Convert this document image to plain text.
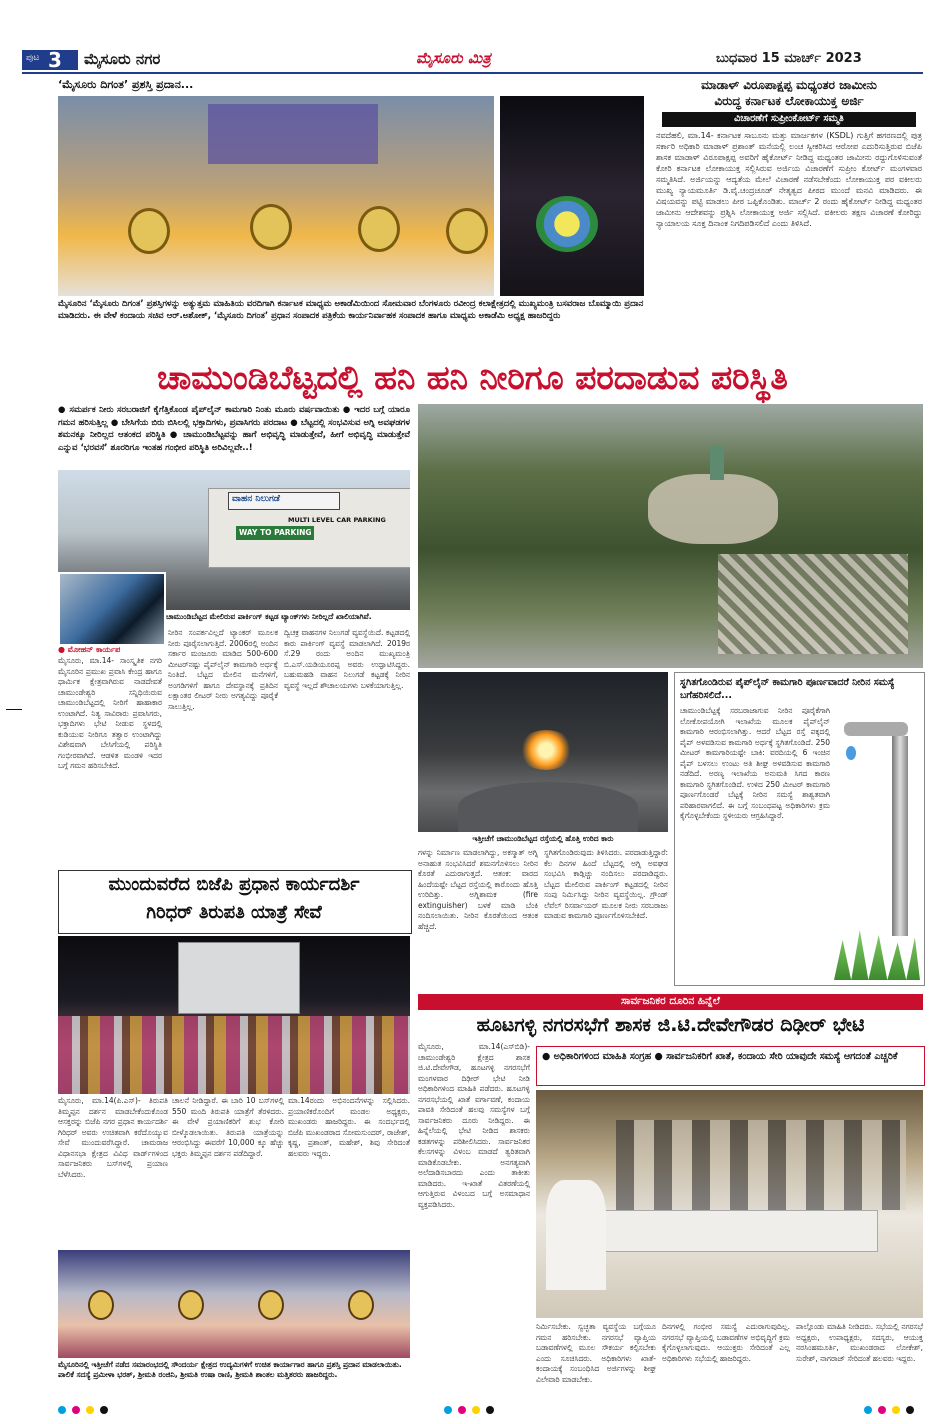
ಪುಟ 3 ಮೈಸೂರು ನಗರ	ಮೈಸೂರು ಮಿತ್ರ	ಬುಧವಾರ 15 ಮಾರ್ಚ್ 2023
‘ಮೈಸೂರು ದಿಗಂತ’ ಪ್ರಶಸ್ತಿ ಪ್ರದಾನ...
ಮೈಸೂರಿನ ‘ಮೈಸೂರು ದಿಗಂತ’ ಪ್ರಶಸ್ತಿಗಳನ್ನು ಅತ್ಯುತ್ತಮ ಮಾಹಿತಿಯ ವರದಿಗಾಗಿ ಕರ್ನಾಟಕ ಮಾಧ್ಯಮ ಅಕಾಡೆಮಿಯಿಂದ ಸೋಮವಾರ ಬೆಂಗಳೂರು ರವೀಂದ್ರ ಕಲಾಕ್ಷೇತ್ರದಲ್ಲಿ ಮುಖ್ಯಮಂತ್ರಿ ಬಸವರಾಜ ಬೊಮ್ಮಾಯಿ ಪ್ರದಾನ ಮಾಡಿದರು. ಈ ವೇಳೆ ಕಂದಾಯ ಸಚಿವ ಆರ್.ಅಶೋಕ್, ‘ಮೈಸೂರು ದಿಗಂತ’ ಪ್ರಧಾನ ಸಂಪಾದಕ ಪತ್ರಿಕೆಯ ಕಾರ್ಯನಿರ್ವಾಹಕ ಸಂಪಾದಕ ಹಾಗೂ ಮಾಧ್ಯಮ ಅಕಾಡೆಮಿ ಅಧ್ಯಕ್ಷ ಹಾಜರಿದ್ದರು
ಮಾಡಾಳ್ ವಿರೂಪಾಕ್ಷಪ್ಪ ಮಧ್ಯಂತರ ಜಾಮೀನು
ವಿರುದ್ಧ ಕರ್ನಾಟಕ ಲೋಕಾಯುಕ್ತ ಅರ್ಜಿ
ವಿಚಾರಣೆಗೆ ಸುಪ್ರೀಂಕೋರ್ಟ್ ಸಮ್ಮತಿ
ನವದೆಹಲಿ, ಮಾ.14- ಕರ್ನಾಟಕ ಸಾಬೂನು ಮತ್ತು ಮಾರ್ಜಕಗಳ (KSDL) ಗುತ್ತಿಗೆ ಹಗರಣದಲ್ಲಿ ಪುತ್ರ ಸರ್ಕಾರಿ ಅಧಿಕಾರಿ ಮಾಡಾಳ್ ಪ್ರಶಾಂತ್ ಮನೆಯಲ್ಲಿ ಲಂಚ ಸ್ವೀಕರಿಸಿದ ಆರೋಪ ಎದುರಿಸುತ್ತಿರುವ ಬಿಜೆಪಿ ಶಾಸಕ ಮಾಡಾಳ್ ವಿರೂಪಾಕ್ಷಪ್ಪ ಅವರಿಗೆ ಹೈಕೋರ್ಟ್ ನೀಡಿದ್ದ ಮಧ್ಯಂತರ ಜಾಮೀನು ರದ್ದುಗೊಳಿಸುವಂತೆ ಕೋರಿ ಕರ್ನಾಟಕ ಲೋಕಾಯುಕ್ತ ಸಲ್ಲಿಸಿರುವ ಅರ್ಜಿಯ ವಿಚಾರಣೆಗೆ ಸುಪ್ರೀಂ ಕೋರ್ಟ್ ಮಂಗಳವಾರ ಸಮ್ಮತಿಸಿದೆ. ಅರ್ಜಿಯನ್ನು ಆದ್ಯತೆಯ ಮೇಲೆ ವಿಚಾರಣೆ ನಡೆಸಬೇಕೆಂದು ಲೋಕಾಯುಕ್ತ ಪರ ವಕೀಲರು ಮುಖ್ಯ ನ್ಯಾಯಮೂರ್ತಿ ಡಿ.ವೈ.ಚಂದ್ರಚೂಡ್ ನೇತೃತ್ವದ ಪೀಠದ ಮುಂದೆ ಮನವಿ ಮಾಡಿದರು. ಈ ವಿಷಯವನ್ನು ಪಟ್ಟಿ ಮಾಡಲು ಪೀಠ ಒಪ್ಪಿಕೊಂಡಿತು. ಮಾರ್ಚ್ 2 ರಂದು ಹೈಕೋರ್ಟ್ ನೀಡಿದ್ದ ಮಧ್ಯಂತರ ಜಾಮೀನು ಆದೇಶವನ್ನು ಪ್ರಶ್ನಿಸಿ ಲೋಕಾಯುಕ್ತ ಅರ್ಜಿ ಸಲ್ಲಿಸಿದೆ. ವಕೀಲರು ತಕ್ಷಣ ವಿಚಾರಣೆ ಕೋರಿದ್ದು ನ್ಯಾಯಾಲಯ ಸೂಕ್ತ ದಿನಾಂಕ ನಿಗದಿಪಡಿಸಲಿದೆ ಎಂದು ತಿಳಿಸಿದೆ.
ಚಾಮುಂಡಿಬೆಟ್ಟದಲ್ಲಿ ಹನಿ ಹನಿ ನೀರಿಗೂ ಪರದಾಡುವ ಪರಿಸ್ಥಿತಿ
● ಸಮರ್ಪಕ ನೀರು ಸರಬರಾಜಿಗೆ ಕೈಗೆತ್ತಿಕೊಂಡ ಪೈಪ್‌ಲೈನ್ ಕಾಮಗಾರಿ ನಿಂತು ಮೂರು ವರ್ಷವಾಯಿತು ● ಇದರ ಬಗ್ಗೆ ಯಾರೂ ಗಮನ ಹರಿಸುತ್ತಿಲ್ಲ ● ಬೇಸಿಗೆಯ ಬಿರು ಬಿಸಿಲಲ್ಲಿ ಭಕ್ತಾದಿಗಳು, ಪ್ರವಾಸಿಗರು ಪರದಾಟ ● ಬೆಟ್ಟದಲ್ಲಿ ಸಂಭವಿಸುವ ಅಗ್ನಿ ಅವಘಡಗಳ ಶಮನಕ್ಕೂ ನೀರಿಲ್ಲದ ಆತಂಕದ ಪರಿಸ್ಥಿತಿ ● ಚಾಮುಂಡಿಬೆಟ್ಟವನ್ನು ಹಾಗೆ ಅಭಿವೃದ್ಧಿ ಮಾಡುತ್ತೇವೆ, ಹೀಗೆ ಅಭಿವೃದ್ಧಿ ಮಾಡುತ್ತೇವೆ ಎನ್ನುವ ‘ಭರವಸೆ’ ಶೂರರಿಗೂ ಇಂತಹ ಗಂಭೀರ ಪರಿಸ್ಥಿತಿ ಅರಿವಿಲ್ಲವೇ..!
ವಾಹನ ನಿಲುಗಡೆ
MULTI LEVEL CAR PARKING
WAY TO PARKING
ಚಾಮುಂಡಿಬೆಟ್ಟದ ಮೇಲಿರುವ ಪಾರ್ಕಿಂಗ್ ಕಟ್ಟಡ ಟ್ಯಾಂಕ್‌ಗಳು ನೀರಿಲ್ಲದೆ ಖಾಲಿಯಾಗಿವೆ.
● ಮೋಹನ್ ಕಾರ್ಯಪ
ಮೈಸೂರು, ಮಾ.14- ಸಾಂಸ್ಕೃತಿಕ ನಗರಿ ಮೈಸೂರಿನ ಪ್ರಮುಖ ಪ್ರವಾಸಿ ಕೇಂದ್ರ ಹಾಗೂ ಧಾರ್ಮಿಕ ಕ್ಷೇತ್ರವಾಗಿರುವ ನಾಡದೇವತೆ ಚಾಮುಂಡೇಶ್ವರಿ ಸನ್ನಿಧಿಯಿರುವ ಚಾಮುಂಡಿಬೆಟ್ಟದಲ್ಲಿ ನೀರಿಗೆ ಹಾಹಾಕಾರ ಉಂಟಾಗಿದೆ. ನಿತ್ಯ ಸಾವಿರಾರು ಪ್ರವಾಸಿಗರು, ಭಕ್ತಾದಿಗಳು ಭೇಟಿ ನೀಡುವ ಸ್ಥಳದಲ್ಲಿ ಕುಡಿಯುವ ನೀರಿಗೂ ತತ್ವಾರ ಉಂಟಾಗಿದ್ದು ವಿಶೇಷವಾಗಿ ಬೇಸಿಗೆಯಲ್ಲಿ ಪರಿಸ್ಥಿತಿ ಗಂಭೀರವಾಗಿದೆ. ಆಡಳಿತ ಮಂಡಳಿ ಇದರ ಬಗ್ಗೆ ಗಮನ ಹರಿಸಬೇಕಿದೆ.
ನೀರಿನ ಸಂಪರ್ಕವಿಲ್ಲದೆ ಟ್ಯಾಂಕರ್ ಮೂಲಕ ನೀರು ಪೂರೈಸಲಾಗುತ್ತಿದೆ. 2006ರಲ್ಲಿ ಅಂದಿನ ಸರ್ಕಾರ ಮಂಜೂರು ಮಾಡಿದ 500-600 ಮೀಟರ್‌ನಷ್ಟು ಪೈಪ್‌ಲೈನ್ ಕಾಮಗಾರಿ ಅರ್ಧಕ್ಕೆ ನಿಂತಿದೆ. ಬೆಟ್ಟದ ಮೇಲಿನ ಮನೆಗಳಿಗೆ, ಅಂಗಡಿಗಳಿಗೆ ಹಾಗೂ ದೇವಸ್ಥಾನಕ್ಕೆ ಪ್ರತಿದಿನ ಲಕ್ಷಾಂತರ ಲೀಟರ್ ನೀರು ಅಗತ್ಯವಿದ್ದು ಪೂರೈಕೆ ಸಾಲುತ್ತಿಲ್ಲ.
ದ್ವಿಚಕ್ರ ವಾಹನಗಳ ನಿಲುಗಡೆ ವ್ಯವಸ್ಥೆಯಿದೆ. ಕಟ್ಟಡದಲ್ಲಿ ಕಾರು ಪಾರ್ಕಿಂಗ್ ವ್ಯವಸ್ಥೆ ಮಾಡಲಾಗಿದೆ. 2019ರ ಸೆ.29 ರಂದು ಅಂದಿನ ಮುಖ್ಯಮಂತ್ರಿ ಬಿ.ಎಸ್.ಯಡಿಯೂರಪ್ಪ ಅವರು ಉದ್ಘಾಟಿಸಿದ್ದರು. ಬಹುಮಹಡಿ ವಾಹನ ನಿಲುಗಡೆ ಕಟ್ಟಡಕ್ಕೆ ನೀರಿನ ವ್ಯವಸ್ಥೆ ಇಲ್ಲದೆ ಶೌಚಾಲಯಗಳು ಬಳಕೆಯಾಗುತ್ತಿಲ್ಲ.
ಇತ್ತೀಚೆಗೆ ಚಾಮುಂಡಿಬೆಟ್ಟದ ರಸ್ತೆಯಲ್ಲಿ ಹೊತ್ತಿ ಉರಿದ ಕಾರು
ಗಳನ್ನು ನಿರ್ಮಾಣ ಮಾಡಲಾಗಿದ್ದು, ಅಕಸ್ಮಾತ್ ಅಗ್ನಿ ಅನಾಹುತ ಸಂಭವಿಸಿದರೆ ಶಮನಗೊಳಿಸಲು ನೀರಿನ ಕೊರತೆ ಎದುರಾಗುತ್ತದೆ. ಆತಂಕ: ವಾರದ ಹಿಂದೆಯಷ್ಟೇ ಬೆಟ್ಟದ ರಸ್ತೆಯಲ್ಲಿ ಕಾರೊಂದು ಹೊತ್ತಿ ಉರಿದಿತ್ತು. ಅಗ್ನಿಶಾಮಕ (fire extinguisher) ಬಳಕೆ ಮಾಡಿ ಬೆಂಕಿ ನಂದಿಸಲಾಯಿತು. ನೀರಿನ ಕೊರತೆಯಿಂದ ಆತಂಕ ಹೆಚ್ಚಿದೆ.
ಸ್ಥಗಿತಗೊಂಡಿರುವುದು ತಿಳಿಸಿದರು. ಪರದಾಡುತ್ತಿದ್ದಾರೆ: ಕೆಲ ದಿನಗಳ ಹಿಂದೆ ಬೆಟ್ಟದಲ್ಲಿ ಅಗ್ನಿ ಅವಘಡ ಸಂಭವಿಸಿ ಕಾಡ್ಗಿಚ್ಚು ನಂದಿಸಲು ಪರದಾಡಿದ್ದರು. ಬೆಟ್ಟದ ಮೇಲಿರುವ ಪಾರ್ಕಿಂಗ್ ಕಟ್ಟಡದಲ್ಲಿ ನೀರಿನ ಸಂಪು ನಿರ್ಮಿಸಿದ್ದು ನೀರಿನ ವ್ಯವಸ್ಥೆಯಿಲ್ಲ. ಗ್ರೌಂಡ್ ಲೆವೆಲ್ ರಿಸರ್ವಾಯರ್ ಮೂಲಕ ನೀರು ಸರಬರಾಜು ಮಾಡುವ ಕಾಮಗಾರಿ ಪೂರ್ಣಗೊಳಿಸಬೇಕಿದೆ.
ಸ್ಥಗಿತಗೊಂಡಿರುವ ಪೈಪ್‌ಲೈನ್ ಕಾಮಗಾರಿ ಪೂರ್ಣವಾದರೆ ನೀರಿನ ಸಮಸ್ಯೆ ಬಗೆಹರಿಸಲಿದೆ...
ಚಾಮುಂಡಿಬೆಟ್ಟಕ್ಕೆ ಸರಬರಾಜಾಗುವ ನೀರಿನ ಪೂರೈಕೆಗಾಗಿ ಲೋಕೋಪಯೋಗಿ ಇಲಾಖೆಯ ಮೂಲಕ ಪೈಪ್‌ಲೈನ್ ಕಾಮಗಾರಿ ಆರಂಭಿಸಲಾಗಿತ್ತು. ಆದರೆ ಬೆಟ್ಟದ ರಸ್ತೆ ಪಕ್ಕದಲ್ಲಿ ಪೈಪ್ ಅಳವಡಿಸುವ ಕಾಮಗಾರಿ ಅರ್ಧಕ್ಕೆ ಸ್ಥಗಿತಗೊಂಡಿದೆ. 250 ಮೀಟರ್ ಕಾಮಗಾರಿಯಷ್ಟೇ ಬಾಕಿ: ವರದಿಯಲ್ಲಿ 6 ಇಂಚಿನ ಪೈಪ್ ಬಳಸಲು ಉಂಟು ಅತಿ ಶೀಘ್ರ ಅಳವಡಿಸುವ ಕಾಮಗಾರಿ ನಡೆದಿದೆ. ಅರಣ್ಯ ಇಲಾಖೆಯ ಅನುಮತಿ ಸಿಗದ ಕಾರಣ ಕಾಮಗಾರಿ ಸ್ಥಗಿತಗೊಂಡಿದೆ. ಉಳಿದ 250 ಮೀಟರ್ ಕಾಮಗಾರಿ ಪೂರ್ಣಗೊಂಡರೆ ಬೆಟ್ಟಕ್ಕೆ ನೀರಿನ ಸಮಸ್ಯೆ ಶಾಶ್ವತವಾಗಿ ಪರಿಹಾರವಾಗಲಿದೆ. ಈ ಬಗ್ಗೆ ಸಂಬಂಧಪಟ್ಟ ಅಧಿಕಾರಿಗಳು ಕ್ರಮ ಕೈಗೊಳ್ಳಬೇಕೆಂದು ಸ್ಥಳೀಯರು ಆಗ್ರಹಿಸಿದ್ದಾರೆ.
ಮುಂದುವರೆದ ಬಿಜೆಪಿ ಪ್ರಧಾನ ಕಾರ್ಯದರ್ಶಿ
ಗಿರಿಧರ್ ತಿರುಪತಿ ಯಾತ್ರೆ ಸೇವೆ
ಮೈಸೂರು, ಮಾ.14(ಪಿ.ಎಸ್)- ತಿರುಪತಿ ತಿಮ್ಮಪ್ಪನ ದರ್ಶನ ಮಾಡಬೇಕೆಂದುಕೊಂಡ ಆಸಕ್ತರನ್ನು ಬಿಜೆಪಿ ನಗರ ಪ್ರಧಾನ ಕಾರ್ಯದರ್ಶಿ ಗಿರಿಧರ್ ಅವರು ಉಚಿತವಾಗಿ ಕರೆದೊಯ್ಯುವ ಸೇವೆ ಮುಂದುವರೆಸಿದ್ದಾರೆ. ಚಾಮರಾಜ ವಿಧಾನಸಭಾ ಕ್ಷೇತ್ರದ ವಿವಿಧ ವಾರ್ಡ್‌ಗಳಿಂದ ಸಾರ್ವಜನಿಕರು ಬಸ್‌ಗಳಲ್ಲಿ ಪ್ರಯಾಣ ಬೆಳೆಸಿದರು.
ಚಾಲನೆ ನೀಡಿದ್ದಾರೆ. ಈ ಬಾರಿ 10 ಬಸ್‌ಗಳಲ್ಲಿ 550 ಮಂದಿ ತಿರುಪತಿ ಯಾತ್ರೆಗೆ ತೆರಳಿದರು. ಈ ವೇಳೆ ಪ್ರಯಾಣಿಕರಿಗೆ ಶುಭ ಕೋರಿ ಬೀಳ್ಕೊಡಲಾಯಿತು. ತಿರುಪತಿ ಯಾತ್ರೆಯನ್ನು ಆರಂಭಿಸಿದ್ದು ಈವರೆಗೆ 10,000 ಕ್ಕೂ ಹೆಚ್ಚು ಭಕ್ತರು ತಿಮ್ಮಪ್ಪನ ದರ್ಶನ ಪಡೆದಿದ್ದಾರೆ.
ಮಾ.14ರಂದು ಅಭಿನಂದನೆಗಳನ್ನು ಸಲ್ಲಿಸಿದರು. ಪ್ರಯಾಣಿಕರೊಂದಿಗೆ ಮಂಡಲ ಅಧ್ಯಕ್ಷರು, ಮುಖಂಡರು ಹಾಜರಿದ್ದರು. ಈ ಸಂದರ್ಭದಲ್ಲಿ ಬಿಜೆಪಿ ಮುಖಂಡರಾದ ಸೋಮಸುಂದರ್, ರಾಜೇಶ್, ಕೃಷ್ಣ, ಪ್ರಶಾಂತ್, ಮಹೇಶ್, ಶಿವು ಸೇರಿದಂತೆ ಹಲವರು ಇದ್ದರು.
ಮೈಸೂರಿನಲ್ಲಿ ಇತ್ತೀಚೆಗೆ ನಡೆದ ಸಮಾರಂಭದಲ್ಲಿ ಸೌಂದರ್ಯ ಕ್ಷೇತ್ರದ ಉದ್ಯಮಿಗಳಿಗೆ ಉಚಿತ ಕಾರ್ಯಾಗಾರ ಹಾಗೂ ಪ್ರಶಸ್ತಿ ಪ್ರದಾನ ಮಾಡಲಾಯಿತು. ಪಾಲಿಕೆ ಸದಸ್ಯೆ ಪ್ರಮೀಳಾ ಭರತ್, ಶ್ರೀಮತಿ ರಂಜಿನಿ, ಶ್ರೀಮತಿ ಉಷಾ ರಾಣಿ, ಶ್ರೀಮತಿ ಶಾಂತಲ ಮತ್ತಿತರರು ಹಾಜರಿದ್ದರು.
ಸಾರ್ವಜನಿಕರ ದೂರಿನ ಹಿನ್ನೆಲೆ
ಹೂಟಗಳ್ಳಿ ನಗರಸಭೆಗೆ ಶಾಸಕ ಜಿ.ಟಿ.ದೇವೇಗೌಡರ ದಿಢೀರ್ ಭೇಟಿ
ಮೈಸೂರು, ಮಾ.14(ಎಸ್‌ಬಿಡಿ)- ಚಾಮುಂಡೇಶ್ವರಿ ಕ್ಷೇತ್ರದ ಶಾಸಕ ಜಿ.ಟಿ.ದೇವೇಗೌಡ, ಹೂಟಗಳ್ಳಿ ನಗರಸಭೆಗೆ ಮಂಗಳವಾರ ದಿಢೀರ್ ಭೇಟಿ ನೀಡಿ ಅಧಿಕಾರಿಗಳಿಂದ ಮಾಹಿತಿ ಪಡೆದರು. ಹೂಟಗಳ್ಳಿ ನಗರಸಭೆಯಲ್ಲಿ ಖಾತೆ ವರ್ಗಾವಣೆ, ಕಂದಾಯ ಪಾವತಿ ಸೇರಿದಂತೆ ಹಲವು ಸಮಸ್ಯೆಗಳ ಬಗ್ಗೆ ಸಾರ್ವಜನಿಕರು ದೂರು ನೀಡಿದ್ದರು. ಈ ಹಿನ್ನೆಲೆಯಲ್ಲಿ ಭೇಟಿ ನೀಡಿದ ಶಾಸಕರು ಕಡತಗಳನ್ನು ಪರಿಶೀಲಿಸಿದರು. ಸಾರ್ವಜನಿಕರ ಕೆಲಸಗಳನ್ನು ವಿಳಂಬ ಮಾಡದೆ ತ್ವರಿತವಾಗಿ ಮಾಡಿಕೊಡಬೇಕು. ಅನಗತ್ಯವಾಗಿ ಅಲೆದಾಡಿಸಬಾರದು ಎಂದು ತಾಕೀತು ಮಾಡಿದರು. ಇ-ಖಾತೆ ವಿತರಣೆಯಲ್ಲಿ ಆಗುತ್ತಿರುವ ವಿಳಂಬದ ಬಗ್ಗೆ ಅಸಮಾಧಾನ ವ್ಯಕ್ತಪಡಿಸಿದರು.
● ಅಧಿಕಾರಿಗಳಿಂದ ಮಾಹಿತಿ ಸಂಗ್ರಹ ● ಸಾರ್ವಜನಿಕರಿಗೆ ಖಾತೆ, ಕಂದಾಯ ಸೇರಿ ಯಾವುದೇ ಸಮಸ್ಯೆ ಆಗದಂತೆ ಎಚ್ಚರಿಕೆ
ನಿರ್ಮಿಸಬೇಕು. ಸ್ವಚ್ಛತಾ ವ್ಯವಸ್ಥೆಯ ಬಗ್ಗೆಯೂ ಗಮನ ಹರಿಸಬೇಕು. ನಗರಸಭೆ ವ್ಯಾಪ್ತಿಯ ಬಡಾವಣೆಗಳಲ್ಲಿ ಮೂಲ ಸೌಕರ್ಯ ಕಲ್ಪಿಸಬೇಕು ಎಂದು ಸೂಚಿಸಿದರು. ಅಧಿಕಾರಿಗಳು ಖಾತೆ-ಕಂದಾಯಕ್ಕೆ ಸಂಬಂಧಿಸಿದ ಅರ್ಜಿಗಳನ್ನು ಶೀಘ್ರ ವಿಲೇವಾರಿ ಮಾಡಬೇಕು.
ದಿನಗಳಲ್ಲಿ ಗಂಭೀರ ಸಮಸ್ಯೆ ಎದುರಾಗುವುದಿಲ್ಲ. ನಗರಸಭೆ ವ್ಯಾಪ್ತಿಯಲ್ಲಿ ಬಡಾವಣೆಗಳ ಅಭಿವೃದ್ಧಿಗೆ ಕ್ರಮ ಕೈಗೊಳ್ಳಲಾಗುವುದು. ಆಯುಕ್ತರು ಸೇರಿದಂತೆ ಎಲ್ಲ ಅಧಿಕಾರಿಗಳು ಸಭೆಯಲ್ಲಿ ಹಾಜರಿದ್ದರು.
ಪಾಲ್ಗೊಂಡು ಮಾಹಿತಿ ನೀಡಿದರು. ಸಭೆಯಲ್ಲಿ ನಗರಸಭೆ ಅಧ್ಯಕ್ಷರು, ಉಪಾಧ್ಯಕ್ಷರು, ಸದಸ್ಯರು, ಆಯುಕ್ತ ನರಸಿಂಹಮೂರ್ತಿ, ಮುಖಂಡರಾದ ಲೋಕೇಶ್, ಸುರೇಶ್, ನಾಗರಾಜ್ ಸೇರಿದಂತೆ ಹಲವರು ಇದ್ದರು.
